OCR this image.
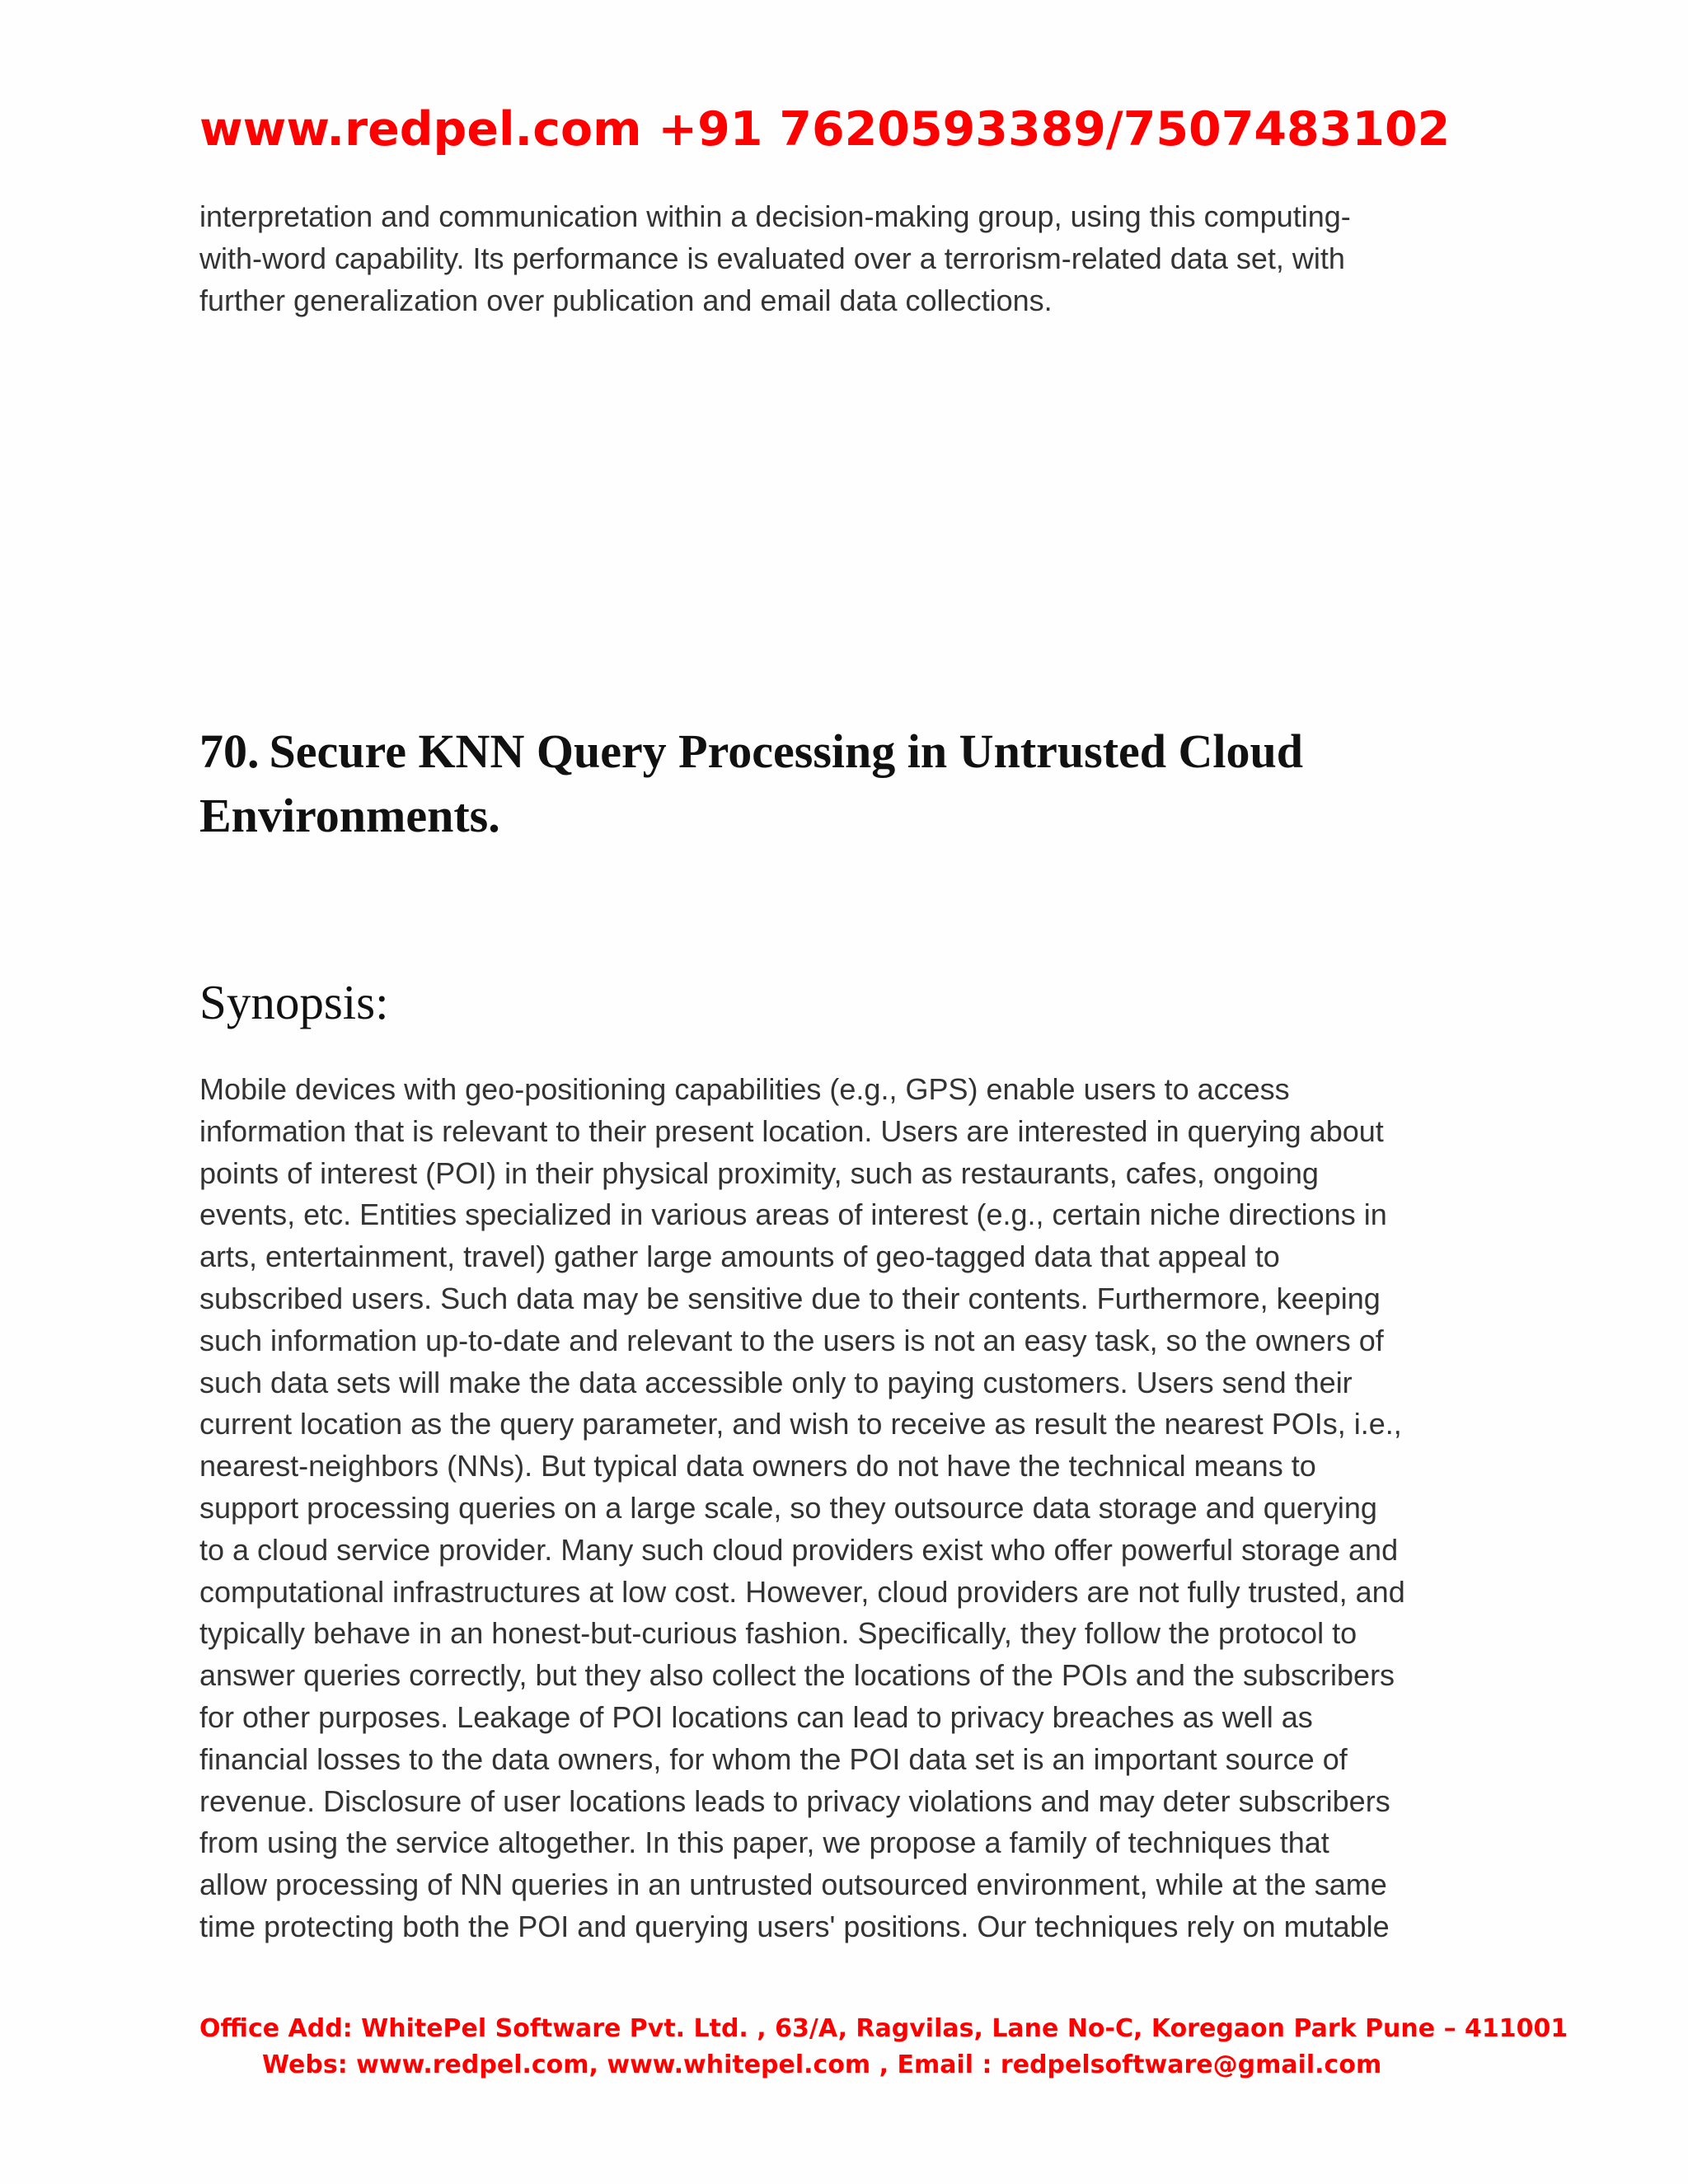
www.redpel.com +91 7620593389/7507483102
interpretation and communication within a decision-making group, using this computing-
with-word capability. Its performance is evaluated over a terrorism-related data set, with
further generalization over publication and email data collections.
70. Secure KNN Query Processing in Untrusted Cloud
Environments.
Synopsis:
Mobile devices with geo-positioning capabilities (e.g., GPS) enable users to access
information that is relevant to their present location. Users are interested in querying about
points of interest (POI) in their physical proximity, such as restaurants, cafes, ongoing
events, etc. Entities specialized in various areas of interest (e.g., certain niche directions in
arts, entertainment, travel) gather large amounts of geo-tagged data that appeal to
subscribed users. Such data may be sensitive due to their contents. Furthermore, keeping
such information up-to-date and relevant to the users is not an easy task, so the owners of
such data sets will make the data accessible only to paying customers. Users send their
current location as the query parameter, and wish to receive as result the nearest POIs, i.e.,
nearest-neighbors (NNs). But typical data owners do not have the technical means to
support processing queries on a large scale, so they outsource data storage and querying
to a cloud service provider. Many such cloud providers exist who offer powerful storage and
computational infrastructures at low cost. However, cloud providers are not fully trusted, and
typically behave in an honest-but-curious fashion. Specifically, they follow the protocol to
answer queries correctly, but they also collect the locations of the POIs and the subscribers
for other purposes. Leakage of POI locations can lead to privacy breaches as well as
financial losses to the data owners, for whom the POI data set is an important source of
revenue. Disclosure of user locations leads to privacy violations and may deter subscribers
from using the service altogether. In this paper, we propose a family of techniques that
allow processing of NN queries in an untrusted outsourced environment, while at the same
time protecting both the POI and querying users' positions. Our techniques rely on mutable
Office Add: WhitePel Software Pvt. Ltd. , 63/A, Ragvilas, Lane No-C, Koregaon Park Pune – 411001
Webs: www.redpel.com, www.whitepel.com , Email : redpelsoftware@gmail.com
